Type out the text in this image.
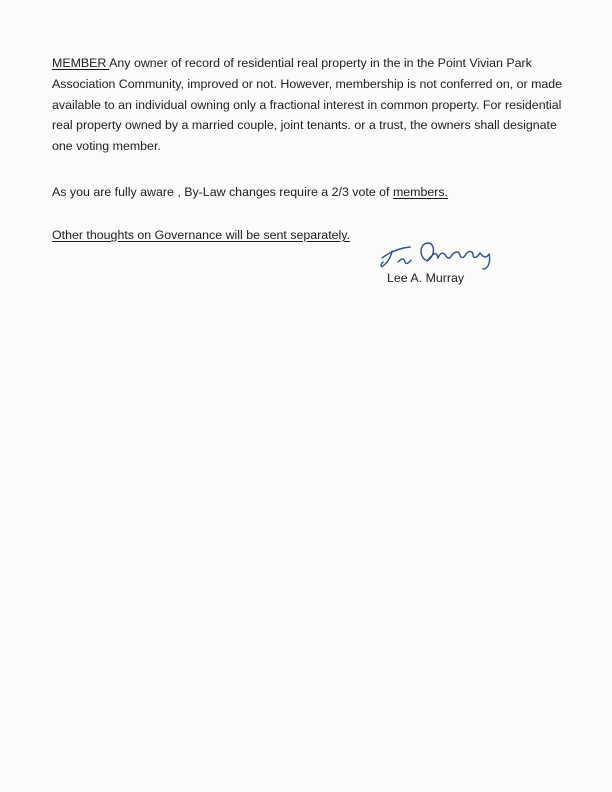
MEMBER Any owner of record of residential real property in the in the Point Vivian Park Association Community, improved or not. However, membership is not conferred on, or made available to an individual owning only a fractional interest in common property. For residential real property owned by a married couple, joint tenants. or a trust, the owners shall designate one voting member.

As you are fully aware , By-Law changes require a 2/3 vote of members.

Other thoughts on Governance will be sent separately.

Lee A. Murray
